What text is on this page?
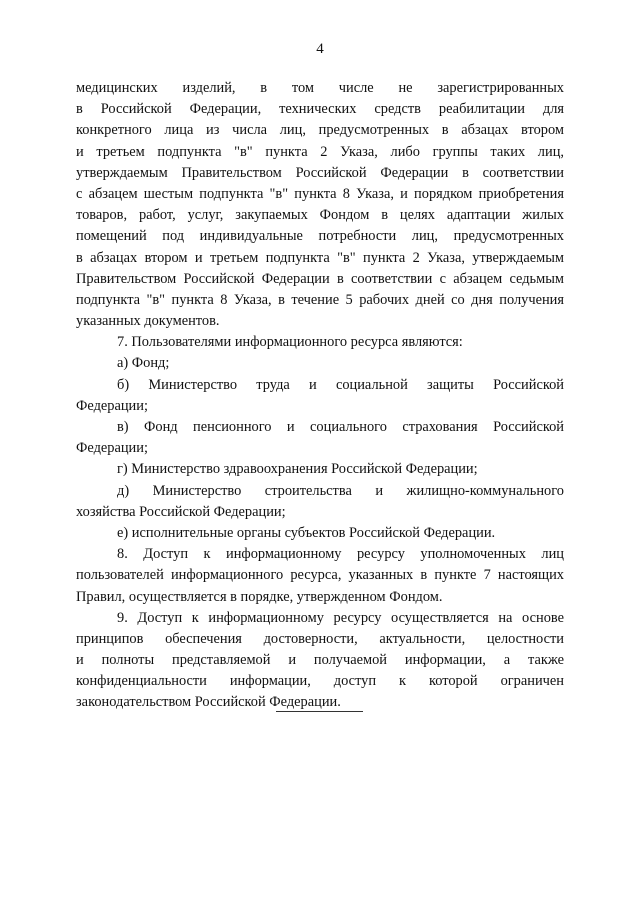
4
медицинских изделий, в том числе не зарегистрированных
в Российской Федерации, технических средств реабилитации для
конкретного лица из числа лиц, предусмотренных в абзацах втором
и третьем подпункта "в" пункта 2 Указа, либо группы таких лиц,
утверждаемым Правительством Российской Федерации в соответствии
с абзацем шестым подпункта "в" пункта 8 Указа, и порядком приобретения
товаров, работ, услуг, закупаемых Фондом в целях адаптации жилых
помещений под индивидуальные потребности лиц, предусмотренных
в абзацах втором и третьем подпункта "в" пункта 2 Указа, утверждаемым
Правительством Российской Федерации в соответствии с абзацем седьмым
подпункта "в" пункта 8 Указа, в течение 5 рабочих дней со дня получения
указанных документов.
7. Пользователями информационного ресурса являются:
а) Фонд;
б) Министерство труда и социальной защиты Российской
Федерации;
в) Фонд пенсионного и социального страхования Российской
Федерации;
г) Министерство здравоохранения Российской Федерации;
д) Министерство строительства и жилищно-коммунального
хозяйства Российской Федерации;
е) исполнительные органы субъектов Российской Федерации.
8. Доступ к информационному ресурсу уполномоченных лиц
пользователей информационного ресурса, указанных в пункте 7 настоящих
Правил, осуществляется в порядке, утвержденном Фондом.
9. Доступ к информационному ресурсу осуществляется на основе
принципов обеспечения достоверности, актуальности, целостности
и полноты представляемой и получаемой информации, а также
конфиденциальности информации, доступ к которой ограничен
законодательством Российской Федерации.
